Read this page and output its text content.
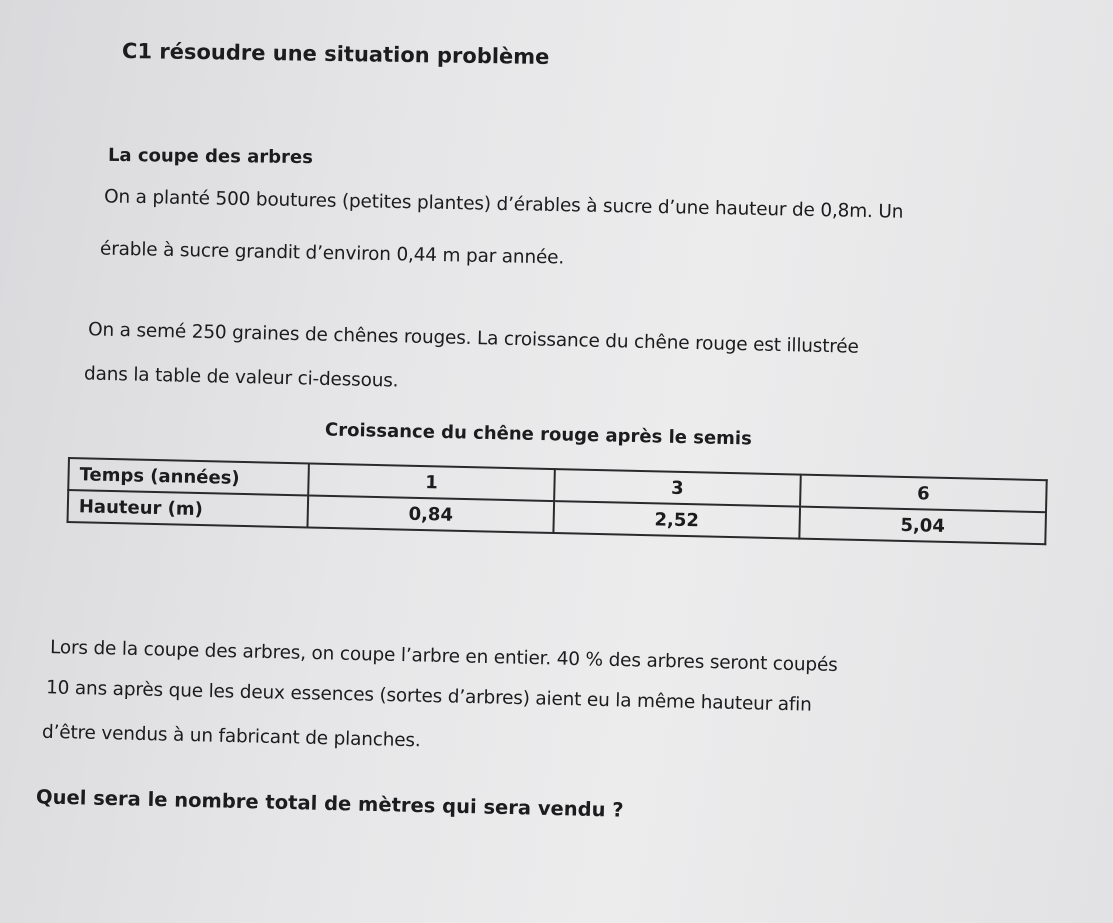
C1 résoudre une situation problème
La coupe des arbres
On a planté 500 boutures (petites plantes) d’érables à sucre d’une hauteur de 0,8m. Un
érable à sucre grandit d’environ 0,44 m par année.
On a semé 250 graines de chênes rouges. La croissance du chêne rouge est illustrée
dans la table de valeur ci-dessous.
Croissance du chêne rouge après le semis
Temps (années)	1	3	6
Hauteur (m)	0,84	2,52	5,04
Lors de la coupe des arbres, on coupe l’arbre en entier. 40 % des arbres seront coupés
10 ans après que les deux essences (sortes d’arbres) aient eu la même hauteur afin
d’être vendus à un fabricant de planches.
Quel sera le nombre total de mètres qui sera vendu ?
